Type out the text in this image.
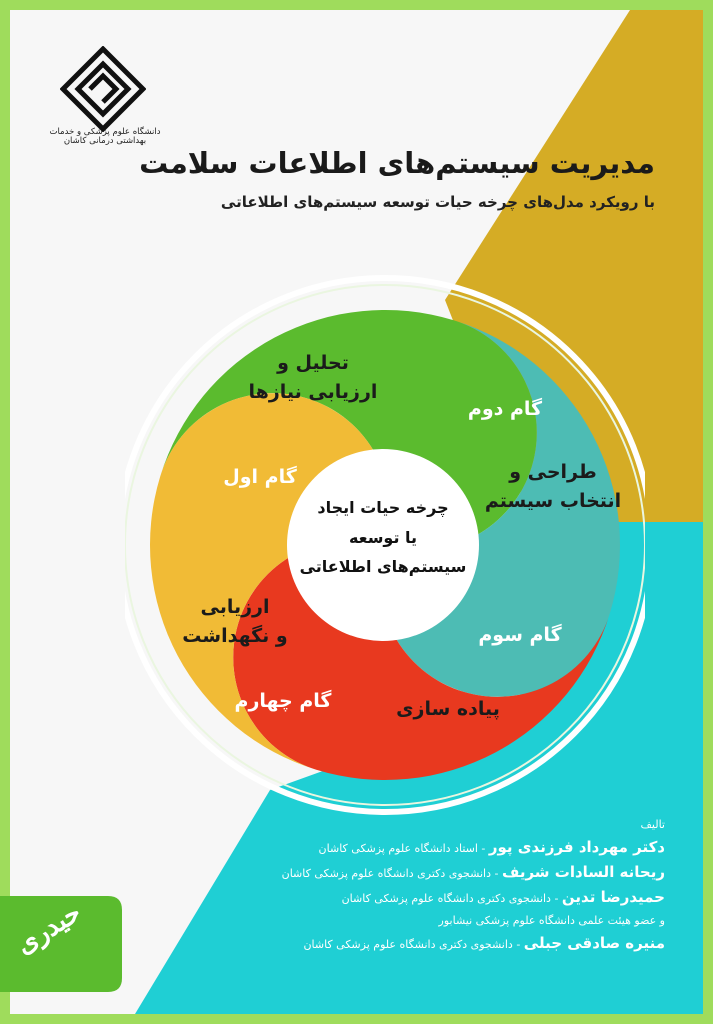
دانشگاه علوم پزشکی و خدمات بهداشتی درمانی کاشان
مدیریت سیستم‌های اطلاعات سلامت
با رویکرد مدل‌های چرخه حیات توسعه سیستم‌های اطلاعاتی
تحلیل و
ارزیابی نیازها
گام اول
گام دوم
طراحی و
انتخاب سیستم
گام سوم
پیاده سازی
ارزیابی
و نگهداشت
گام چهارم
چرخه حیات ایجاد
یا توسعه
سیستم‌های اطلاعاتی
تالیف
دکتر مهرداد فرزندی پور - استاد دانشگاه علوم پزشکی کاشان
ریحانه السادات شریف - دانشجوی دکتری دانشگاه علوم پزشکی کاشان
حمیدرضا تدین - دانشجوی دکتری دانشگاه علوم پزشکی کاشان
و عضو هیئت علمی دانشگاه علوم پزشکی نیشابور
منیره صادقی جبلی - دانشجوی دکتری دانشگاه علوم پزشکی کاشان
حیدری
